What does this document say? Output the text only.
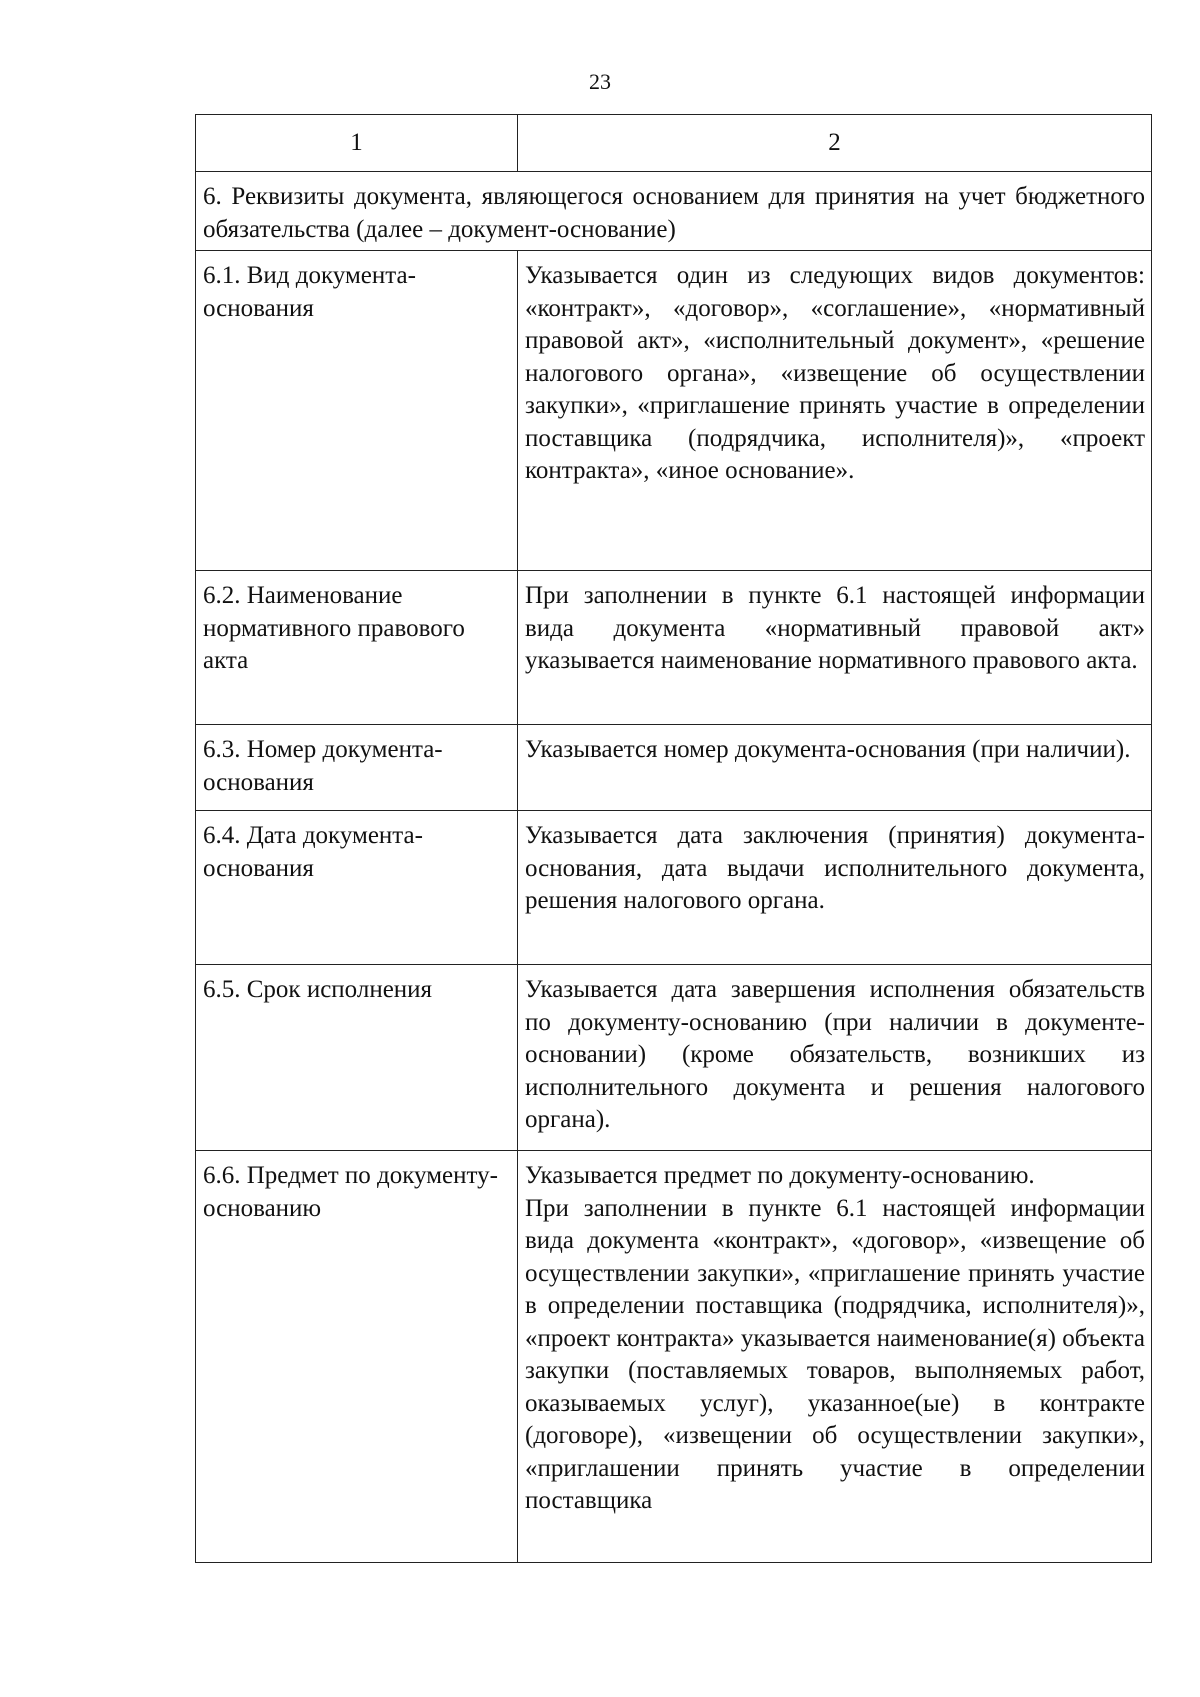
23
1	2
6. Реквизиты документа, являющегося основанием для принятия на учет бюджетного обязательства (далее – документ-основание)	
6.1. Вид документа-основания	Указывается один из следующих видов документов: «контракт», «договор», «соглашение», «нормативный правовой акт», «исполнительный документ», «решение налогового органа», «извещение об осуществлении закупки», «приглашение принять участие в определении поставщика (подрядчика, исполнителя)», «проект контракта», «иное основание».

6.2. Наименование нормативного правового акта	При заполнении в пункте 6.1 настоящей информации вида документа «нормативный правовой акт» указывается наименование нормативного правового акта.

6.3. Номер документа-основания	Указывается номер документа-основания (при наличии).

6.4. Дата документа-основания	Указывается дата заключения (принятия) документа-основания, дата выдачи исполнительного документа, решения налогового органа.

6.5. Срок исполнения	Указывается дата завершения исполнения обязательств по документу-основанию (при наличии в документе-основании) (кроме обязательств, возникших из исполнительного документа и решения налогового органа).

6.6. Предмет по документу-основанию	Указывается предмет по документу-основанию.

При заполнении в пункте 6.1 настоящей информации вида документа «контракт», «договор», «извещение об осуществлении закупки», «приглашение принять участие в определении поставщика (подрядчика, исполнителя)», «проект контракта» указывается наименование(я) объекта закупки (поставляемых товаров, выполняемых работ, оказываемых услуг), указанное(ые) в контракте (договоре), «извещении об осуществлении закупки», «приглашении принять участие в определении поставщика
